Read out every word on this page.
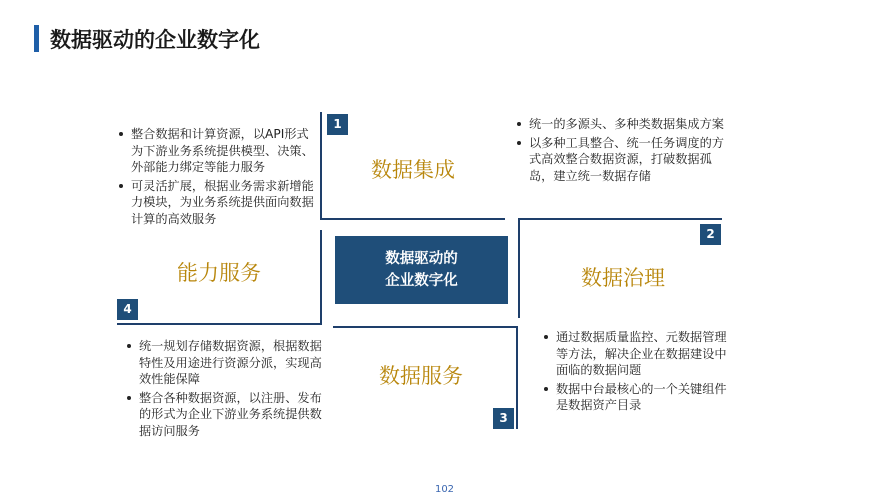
数据驱动的企业数字化
1
2
3
4
数据驱动的
企业数字化
数据集成
数据治理
数据服务
能力服务
整合数据和计算资源，以API形式为下游业务系统提供模型、决策、外部能力绑定等能力服务
可灵活扩展，根据业务需求新增能力模块，为业务系统提供面向数据计算的高效服务
统一的多源头、多种类数据集成方案
以多种工具整合、统一任务调度的方式高效整合数据资源，打破数据孤岛，建立统一数据存储
通过数据质量监控、元数据管理等方法，解决企业在数据建设中面临的数据问题
数据中台最核心的一个关键组件是数据资产目录
统一规划存储数据资源，根据数据特性及用途进行资源分派，实现高效性能保障
整合各种数据资源，以注册、发布的形式为企业下游业务系统提供数据访问服务
102
